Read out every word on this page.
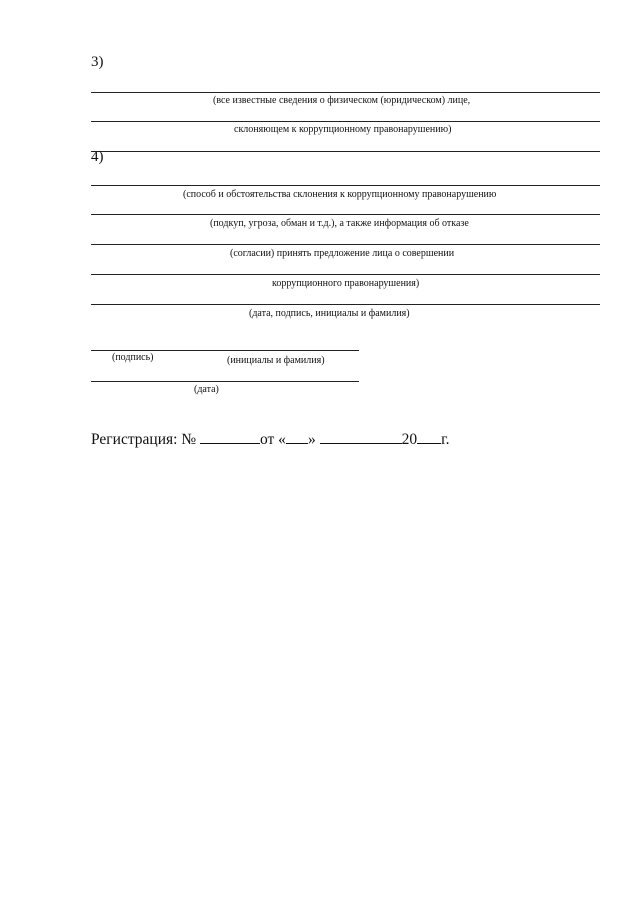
3)
(все известные сведения о физическом (юридическом) лице,
склоняющем к коррупционному правонарушению)
4)
(способ и обстоятельства склонения к коррупционному правонарушению
(подкуп, угроза, обман и т.д.), а также информация об отказе
(согласии) принять предложение лица о совершении
коррупционного правонарушения)
(дата, подпись, инициалы и фамилия)
(подпись)	(инициалы и фамилия)
(дата)
Регистрация: №	от « »	20 г.
